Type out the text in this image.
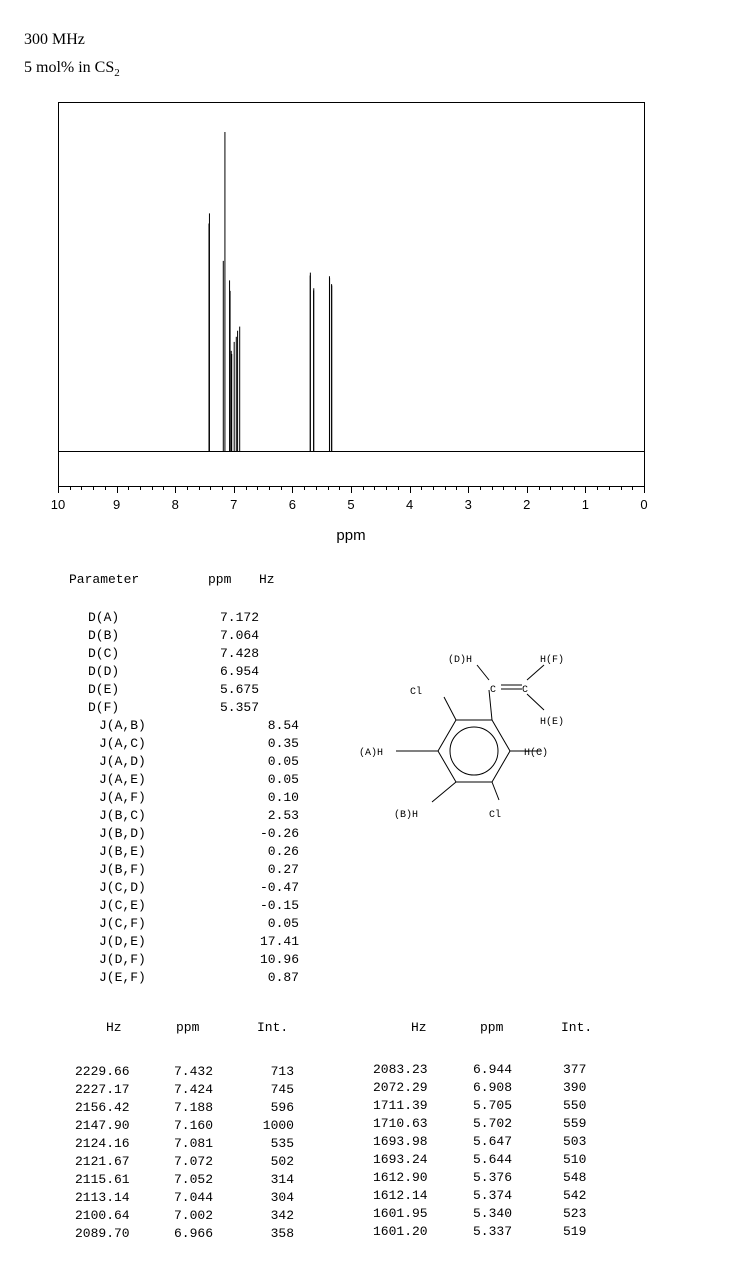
300 MHz
5 mol% in $CS_2$
10	9	8	7	6	5	4	3	2	1	0
ppm
Parameter	ppm Hz
D(A)	7.172
D(B)	7.064
D(C)	7.428
D(D)	6.954
D(E)	5.675
D(F)	5.357
J(A,B)	8.54
J(A,C)	0.35
J(A,D)	0.05
J(A,E)	0.05
J(A,F)	0.10
J(B,C)	2.53
J(B,D)	-0.26
J(B,E)	0.26
J(B,F)	0.27
J(C,D)	-0.47
J(C,E)	-0.15
J(C,F)	0.05
J(D,E)	17.41
J(D,F)	10.96
J(E,F)	0.87
(D)H	H(F)
Cl	C	C
H(E)
(A)H	H(C)
(B)H	Cl
Hz	ppm	Int.	Hz	ppm	Int.
2229.66	7.432	713
2227.17	7.424	745
2156.42	7.188	596
2147.90	7.160	1000
2124.16	7.081	535
2121.67	7.072	502
2115.61	7.052	314
2113.14	7.044	304
2100.64	7.002	342
2089.70	6.966	358
2083.23	6.944	377
2072.29	6.908	390
1711.39	5.705	550
1710.63	5.702	559
1693.98	5.647	503
1693.24	5.644	510
1612.90	5.376	548
1612.14	5.374	542
1601.95	5.340	523
1601.20	5.337	519
